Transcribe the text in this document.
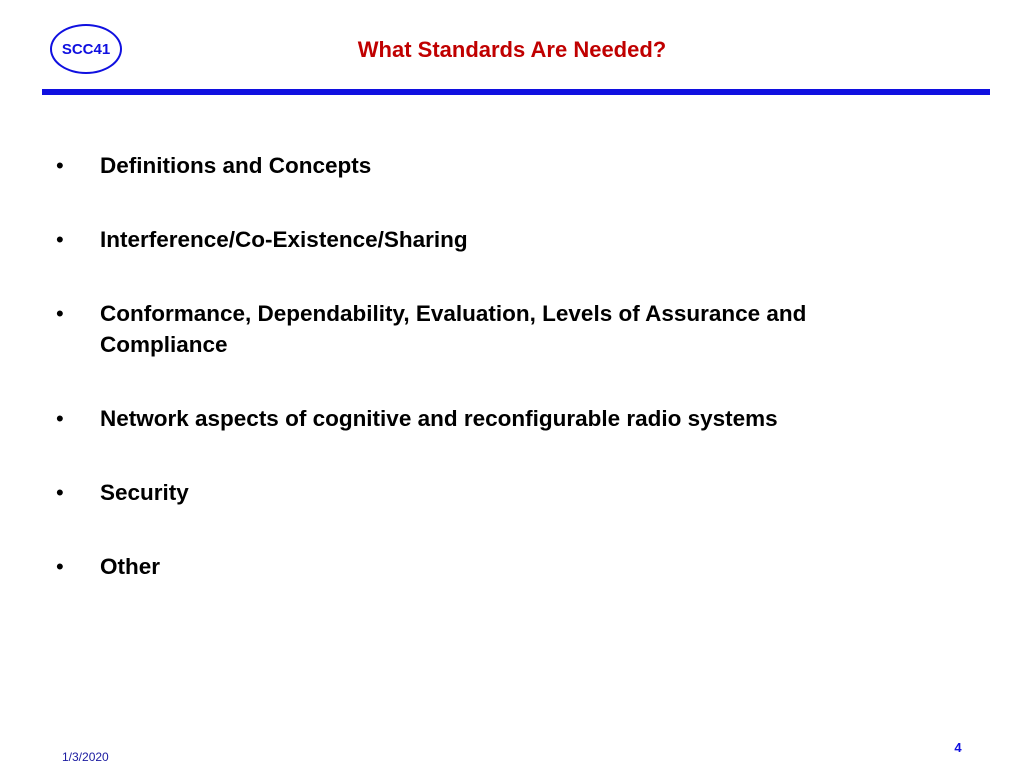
SCC41	What Standards Are Needed?
•	Definitions and Concepts
•	Interference/Co-Existence/Sharing
•	Conformance, Dependability, Evaluation, Levels of Assurance and Compliance
•	Network aspects of cognitive and reconfigurable radio systems
•	Security
•	Other
1/3/2020
4
